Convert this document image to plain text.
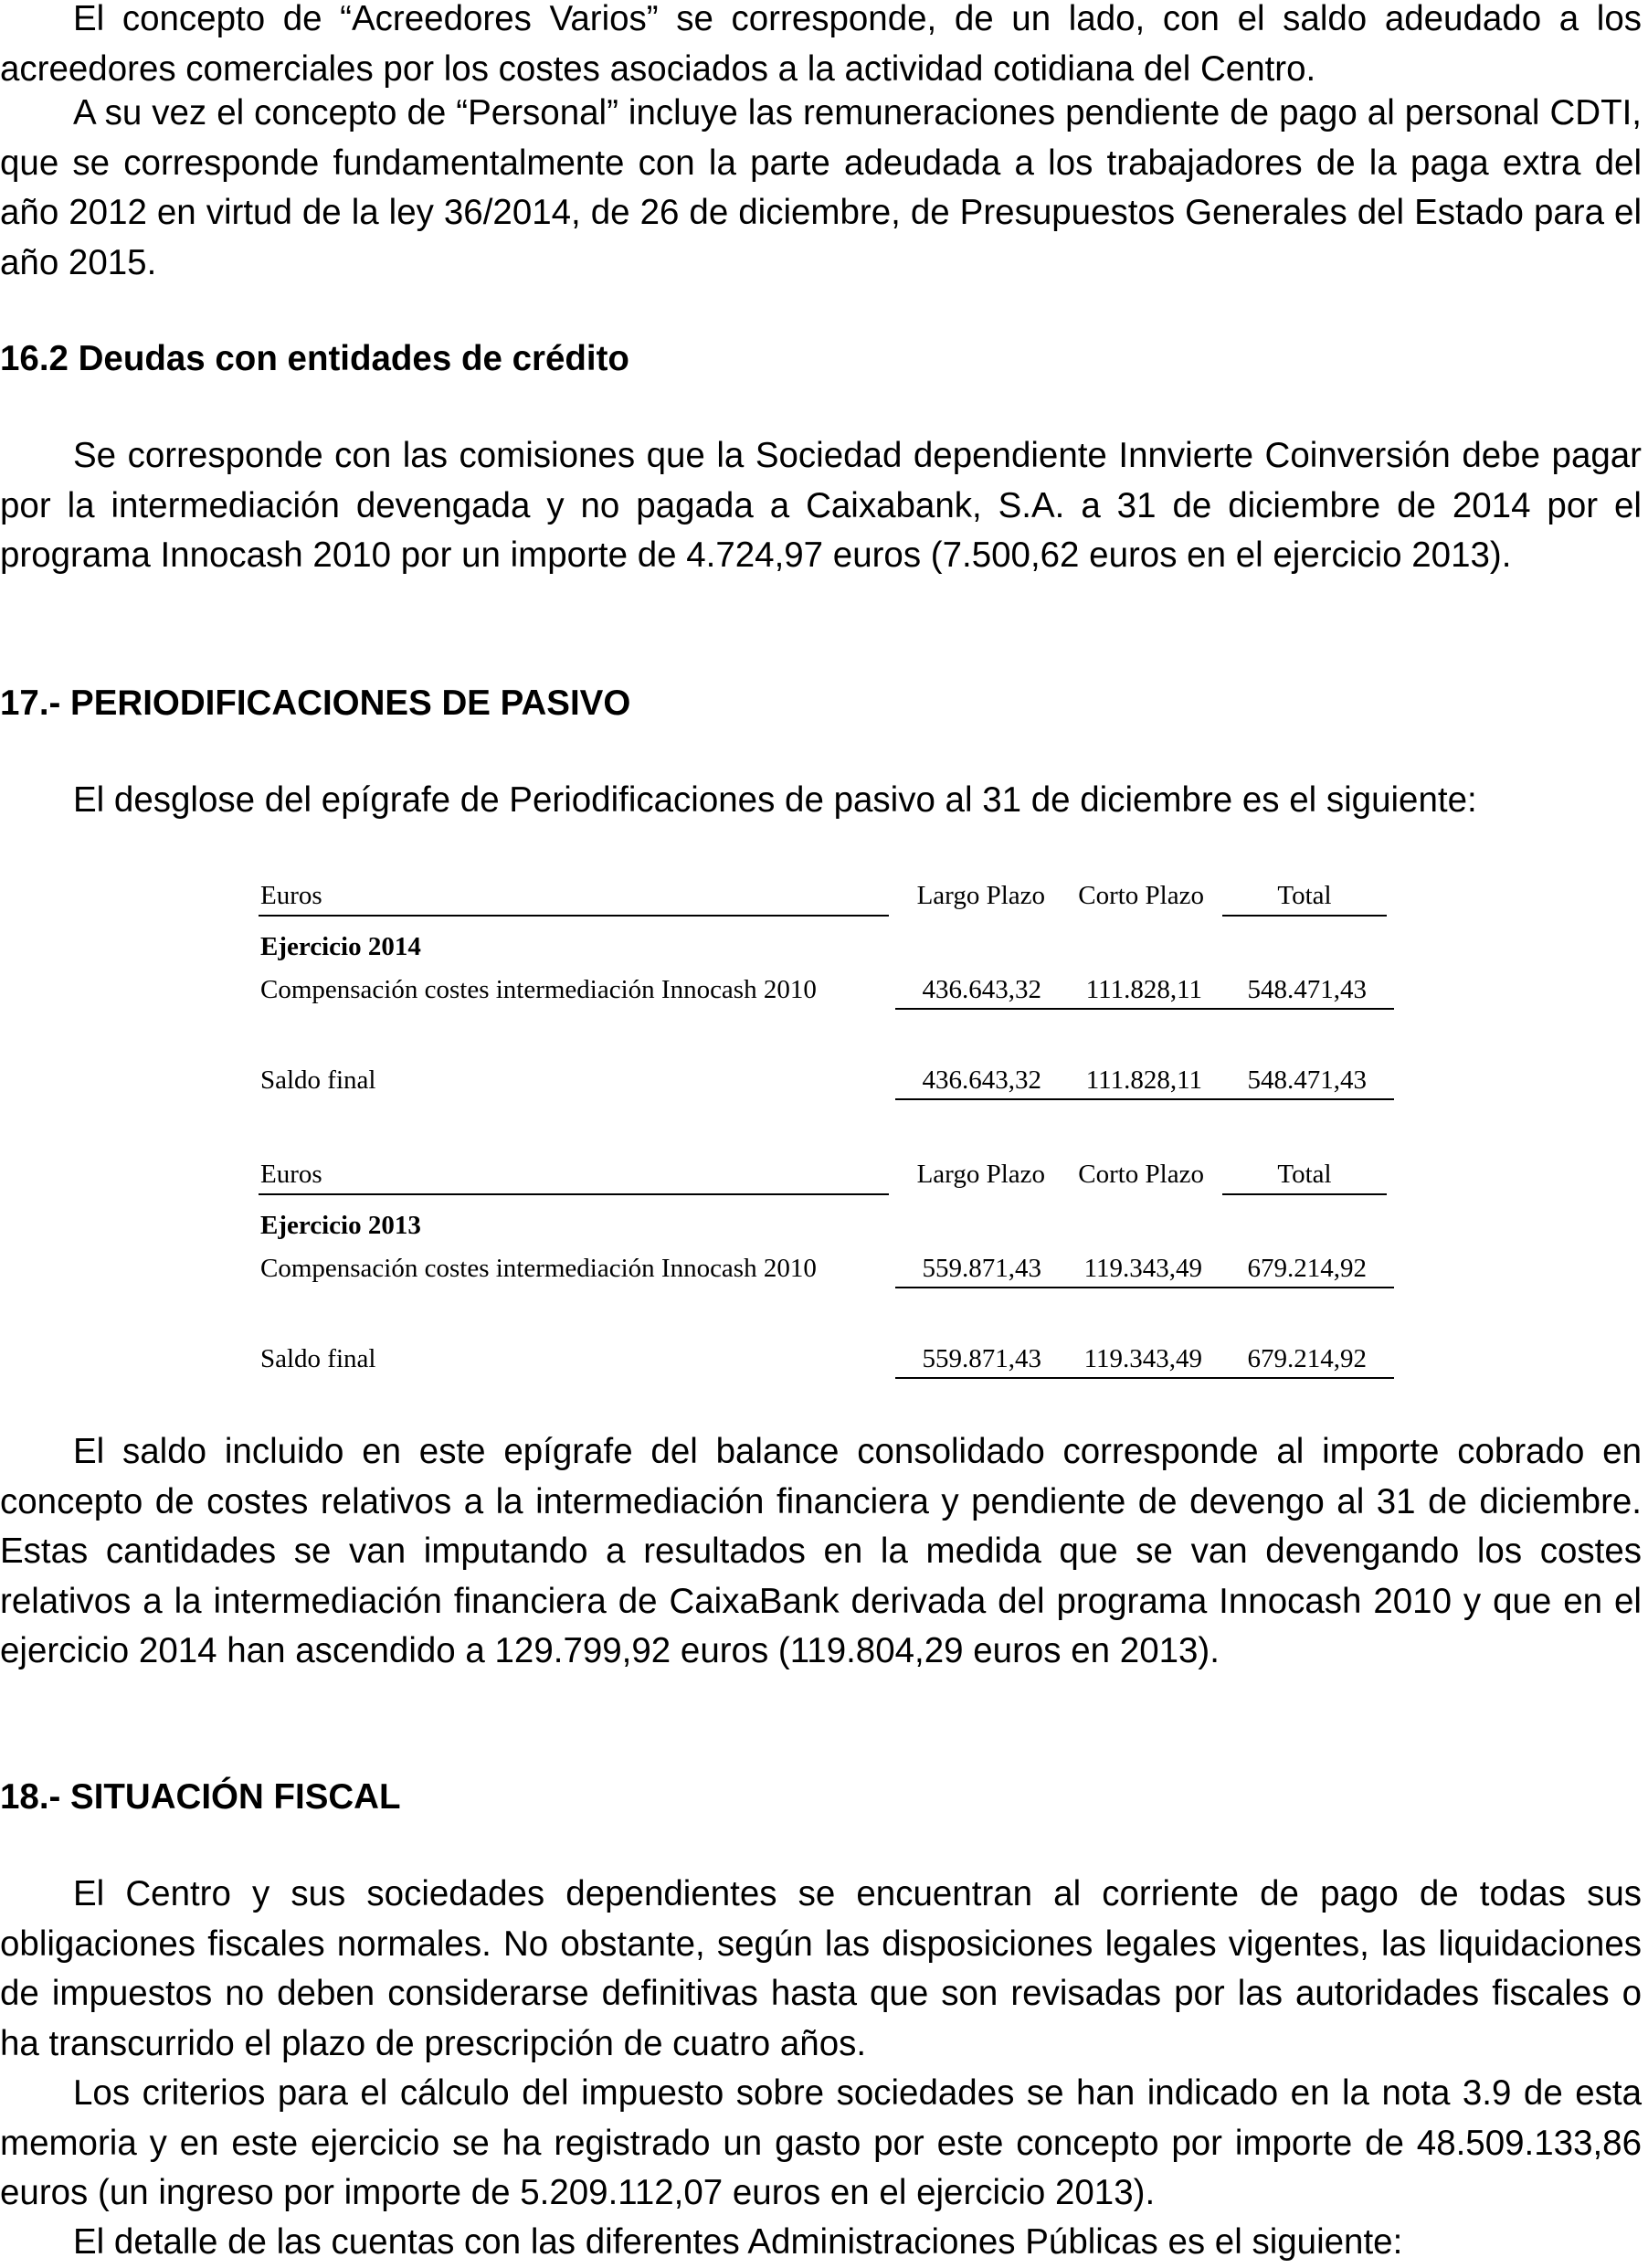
El concepto de “Acreedores Varios” se corresponde, de un lado, con el saldo adeudado a los acreedores comerciales por los costes asociados a la actividad cotidiana del Centro.

A su vez el concepto de “Personal” incluye las remuneraciones pendiente de pago al personal CDTI, que se corresponde fundamentalmente con la parte adeudada a los trabajadores de la paga extra del año 2012 en virtud de la ley 36/2014, de 26 de diciembre, de Presupuestos Generales del Estado para el año 2015.

16.2 Deudas con entidades de crédito

Se corresponde con las comisiones que la Sociedad dependiente Innvierte Coinversión debe pagar por la intermediación devengada y no pagada a Caixabank, S.A. a 31 de diciembre de 2014 por el programa Innocash 2010 por un importe de 4.724,97 euros (7.500,62 euros en el ejercicio 2013).

17.- PERIODIFICACIONES DE PASIVO

El desglose del epígrafe de Periodificaciones de pasivo al 31 de diciembre es el siguiente:

Euros	Largo Plazo	Corto Plazo	Total
Ejercicio 2014
Compensación costes intermediación Innocash 2010	436.643,32	111.828,11	548.471,43
Saldo final	436.643,32	111.828,11	548.471,43
Euros	Largo Plazo	Corto Plazo	Total
Ejercicio 2013
Compensación costes intermediación Innocash 2010	559.871,43	119.343,49	679.214,92
Saldo final	559.871,43	119.343,49	679.214,92

El saldo incluido en este epígrafe del balance consolidado corresponde al importe cobrado en concepto de costes relativos a la intermediación financiera y pendiente de devengo al 31 de diciembre. Estas cantidades se van imputando a resultados en la medida que se van devengando los costes relativos a la intermediación financiera de CaixaBank derivada del programa Innocash 2010 y que en el ejercicio 2014 han ascendido a 129.799,92 euros (119.804,29 euros en 2013).

18.- SITUACIÓN FISCAL

El Centro y sus sociedades dependientes se encuentran al corriente de pago de todas sus obligaciones fiscales normales. No obstante, según las disposiciones legales vigentes, las liquidaciones de impuestos no deben considerarse definitivas hasta que son revisadas por las autoridades fiscales o ha transcurrido el plazo de prescripción de cuatro años.

Los criterios para el cálculo del impuesto sobre sociedades se han indicado en la nota 3.9 de esta memoria y en este ejercicio se ha registrado un gasto por este concepto por importe de 48.509.133,86 euros (un ingreso por importe de 5.209.112,07 euros en el ejercicio 2013).

El detalle de las cuentas con las diferentes Administraciones Públicas es el siguiente:
